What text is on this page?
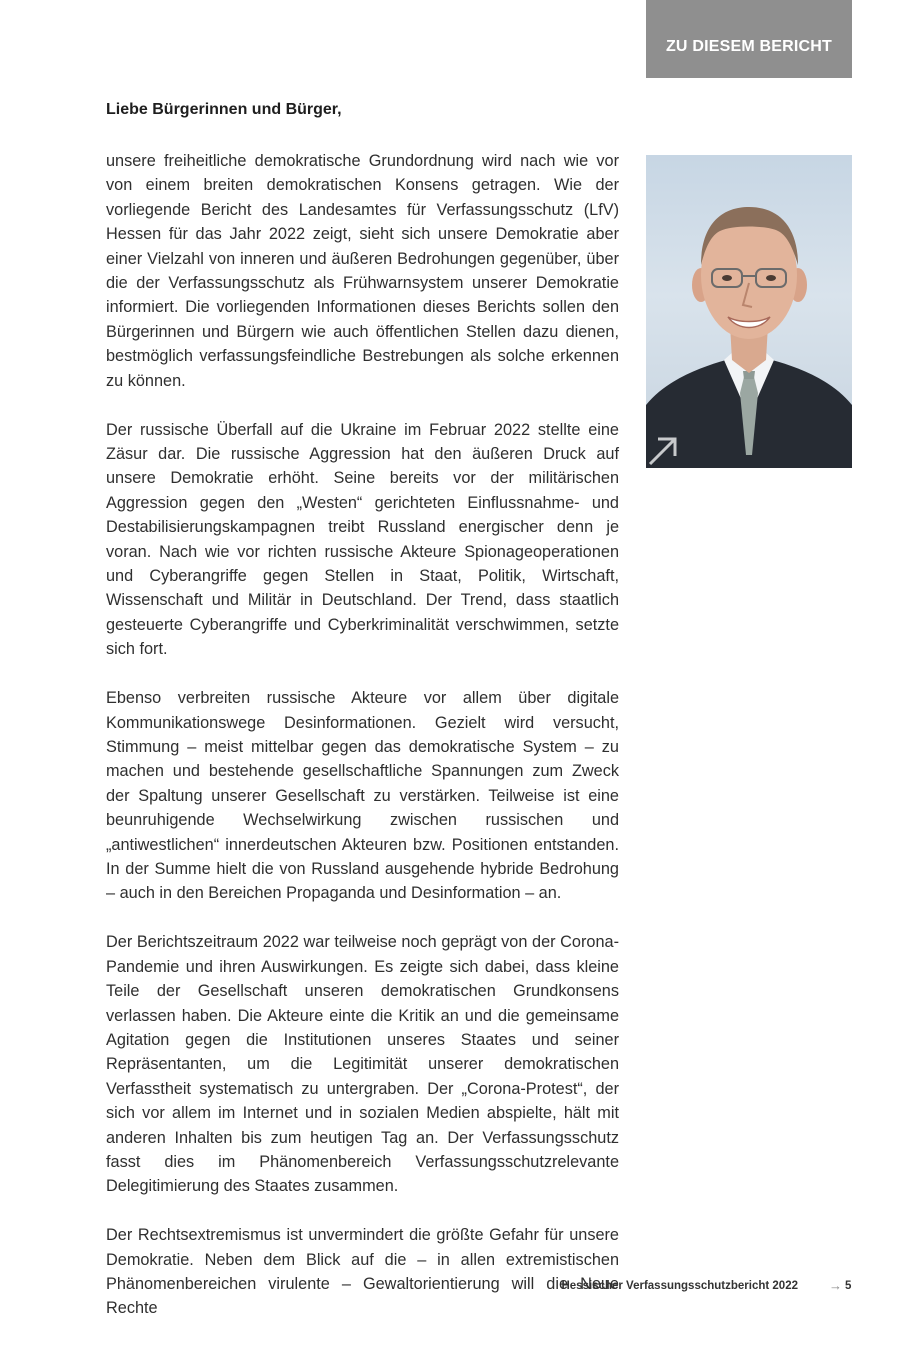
ZU DIESEM BERICHT
Liebe Bürgerinnen und Bürger,

unsere freiheitliche demokratische Grundordnung wird nach wie vor von einem breiten demokratischen Konsens getragen. Wie der vorliegende Bericht des Landesamtes für Verfassungsschutz (LfV) Hessen für das Jahr 2022 zeigt, sieht sich unsere Demokratie aber einer Vielzahl von inneren und äußeren Bedrohungen gegenüber, über die der Verfassungsschutz als Frühwarnsystem unserer Demokratie informiert. Die vorliegenden Informationen dieses Berichts sollen den Bürgerinnen und Bürgern wie auch öffentlichen Stellen dazu dienen, bestmöglich verfassungsfeindliche Bestrebungen als solche erkennen zu können.

Der russische Überfall auf die Ukraine im Februar 2022 stellte eine Zäsur dar. Die russische Aggression hat den äußeren Druck auf unsere Demokratie erhöht. Seine bereits vor der militärischen Aggression gegen den „Westen“ gerichteten Einflussnahme- und Destabilisierungskampagnen treibt Russland energischer denn je voran. Nach wie vor richten russische Akteure Spionageoperationen und Cyberangriffe gegen Stellen in Staat, Politik, Wirtschaft, Wissenschaft und Militär in Deutschland. Der Trend, dass staatlich gesteuerte Cyberangriffe und Cyberkriminalität verschwimmen, setzte sich fort.

Ebenso verbreiten russische Akteure vor allem über digitale Kommunikationswege Desinformationen. Gezielt wird versucht, Stimmung – meist mittelbar gegen das demokratische System – zu machen und bestehende gesellschaftliche Spannungen zum Zweck der Spaltung unserer Gesellschaft zu verstärken. Teilweise ist eine beunruhigende Wechselwirkung zwischen russischen und „antiwestlichen“ innerdeutschen Akteuren bzw. Positionen entstanden. In der Summe hielt die von Russland ausgehende hybride Bedrohung – auch in den Bereichen Propaganda und Desinformation – an.

Der Berichtszeitraum 2022 war teilweise noch geprägt von der Corona-Pandemie und ihren Auswirkungen. Es zeigte sich dabei, dass kleine Teile der Gesellschaft unseren demokratischen Grundkonsens verlassen haben. Die Akteure einte die Kritik an und die gemeinsame Agitation gegen die Institutionen unseres Staates und seiner Repräsentanten, um die Legitimität unserer demokratischen Verfasstheit systematisch zu untergraben. Der „Corona-Protest“, der sich vor allem im Internet und in sozialen Medien abspielte, hält mit anderen Inhalten bis zum heutigen Tag an. Der Verfassungsschutz fasst dies im Phänomenbereich Verfassungsschutzrelevante Delegitimierung des Staates zusammen.

Der Rechtsextremismus ist unvermindert die größte Gefahr für unsere Demokratie. Neben dem Blick auf die – in allen extremistischen Phänomenbereichen virulente – Gewaltorientierung will die Neue Rechte

Hessischer Verfassungsschutzbericht 2022 → 5
